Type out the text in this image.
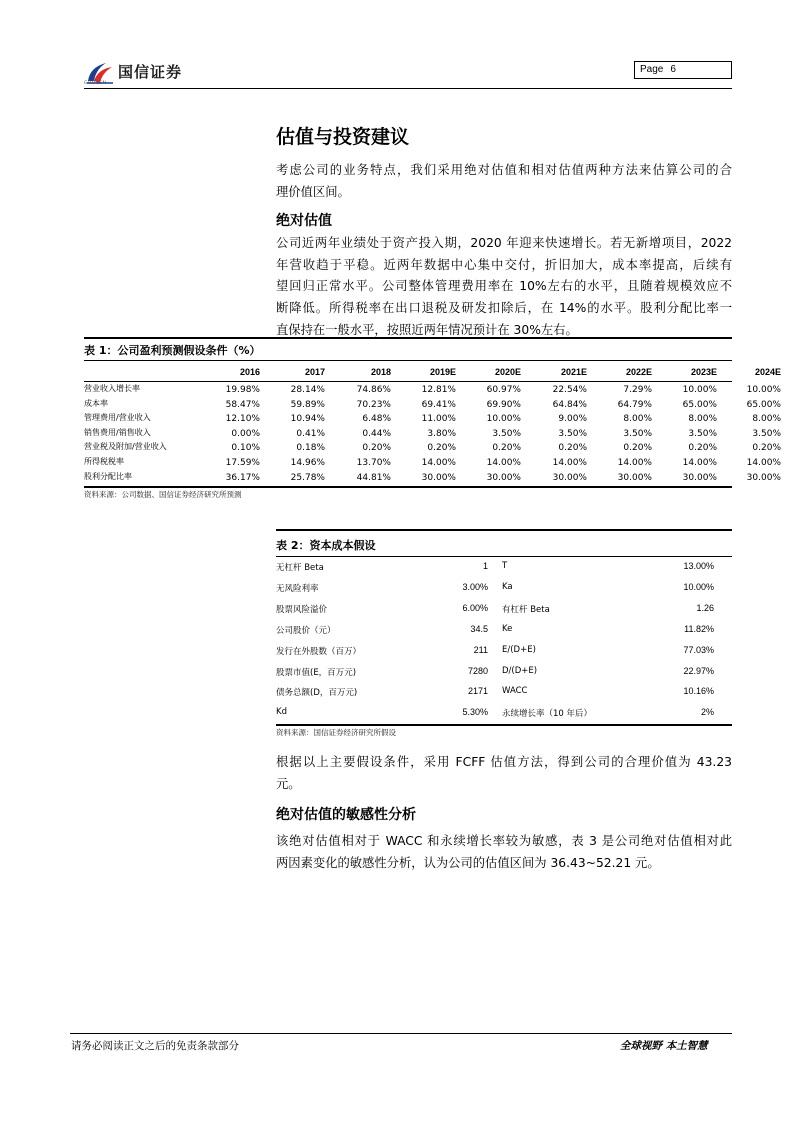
国信证券
GUOSEN
Page 6
估值与投资建议
考虑公司的业务特点，我们采用绝对估值和相对估值两种方法来估算公司的合
理价值区间。
绝对估值
公司近两年业绩处于资产投入期，2020 年迎来快速增长。若无新增项目，2022
年营收趋于平稳。近两年数据中心集中交付，折旧加大，成本率提高，后续有
望回归正常水平。公司整体管理费用率在 10%左右的水平，且随着规模效应不
断降低。所得税率在出口退税及研发扣除后，在 14%的水平。股利分配比率一
直保持在一般水平，按照近两年情况预计在 30%左右。
表 1：公司盈利预测假设条件（%）
2016	2017	2018	2019E	2020E	2021E	2022E	2023E	2024E
营业收入增长率	19.98%	28.14%	74.86%	12.81%	60.97%	22.54%	7.29%	10.00%	10.00%
成本率	58.47%	59.89%	70.23%	69.41%	69.90%	64.84%	64.79%	65.00%	65.00%
管理费用/营业收入	12.10%	10.94%	6.48%	11.00%	10.00%	9.00%	8.00%	8.00%	8.00%
销售费用/销售收入	0.00%	0.41%	0.44%	3.80%	3.50%	3.50%	3.50%	3.50%	3.50%
营业税及附加/营业收入	0.10%	0.18%	0.20%	0.20%	0.20%	0.20%	0.20%	0.20%	0.20%
所得税税率	17.59%	14.96%	13.70%	14.00%	14.00%	14.00%	14.00%	14.00%	14.00%
股利分配比率	36.17%	25.78%	44.81%	30.00%	30.00%	30.00%	30.00%	30.00%	30.00%
资料来源：公司数据、国信证券经济研究所预测
表 2：资本成本假设
无杠杆 Beta	1 T	13.00%
无风险利率	3.00% Ka	10.00%
股票风险溢价	6.00% 有杠杆 Beta	1.26
公司股价（元）	34.5 Ke	11.82%
发行在外股数（百万）	211 E/(D+E)	77.03%
股票市值(E，百万元)	7280 D/(D+E)	22.97%
债务总额(D，百万元)	2171 WACC	10.16%
Kd	5.30% 永续增长率（10 年后）	2%
资料来源：国信证券经济研究所假设
根据以上主要假设条件，采用 FCFF 估值方法，得到公司的合理价值为 43.23
元。
绝对估值的敏感性分析
该绝对估值相对于 WACC 和永续增长率较为敏感，表 3 是公司绝对估值相对此
两因素变化的敏感性分析，认为公司的估值区间为 36.43~52.21 元。
请务必阅读正文之后的免责条款部分	全球视野 本土智慧
